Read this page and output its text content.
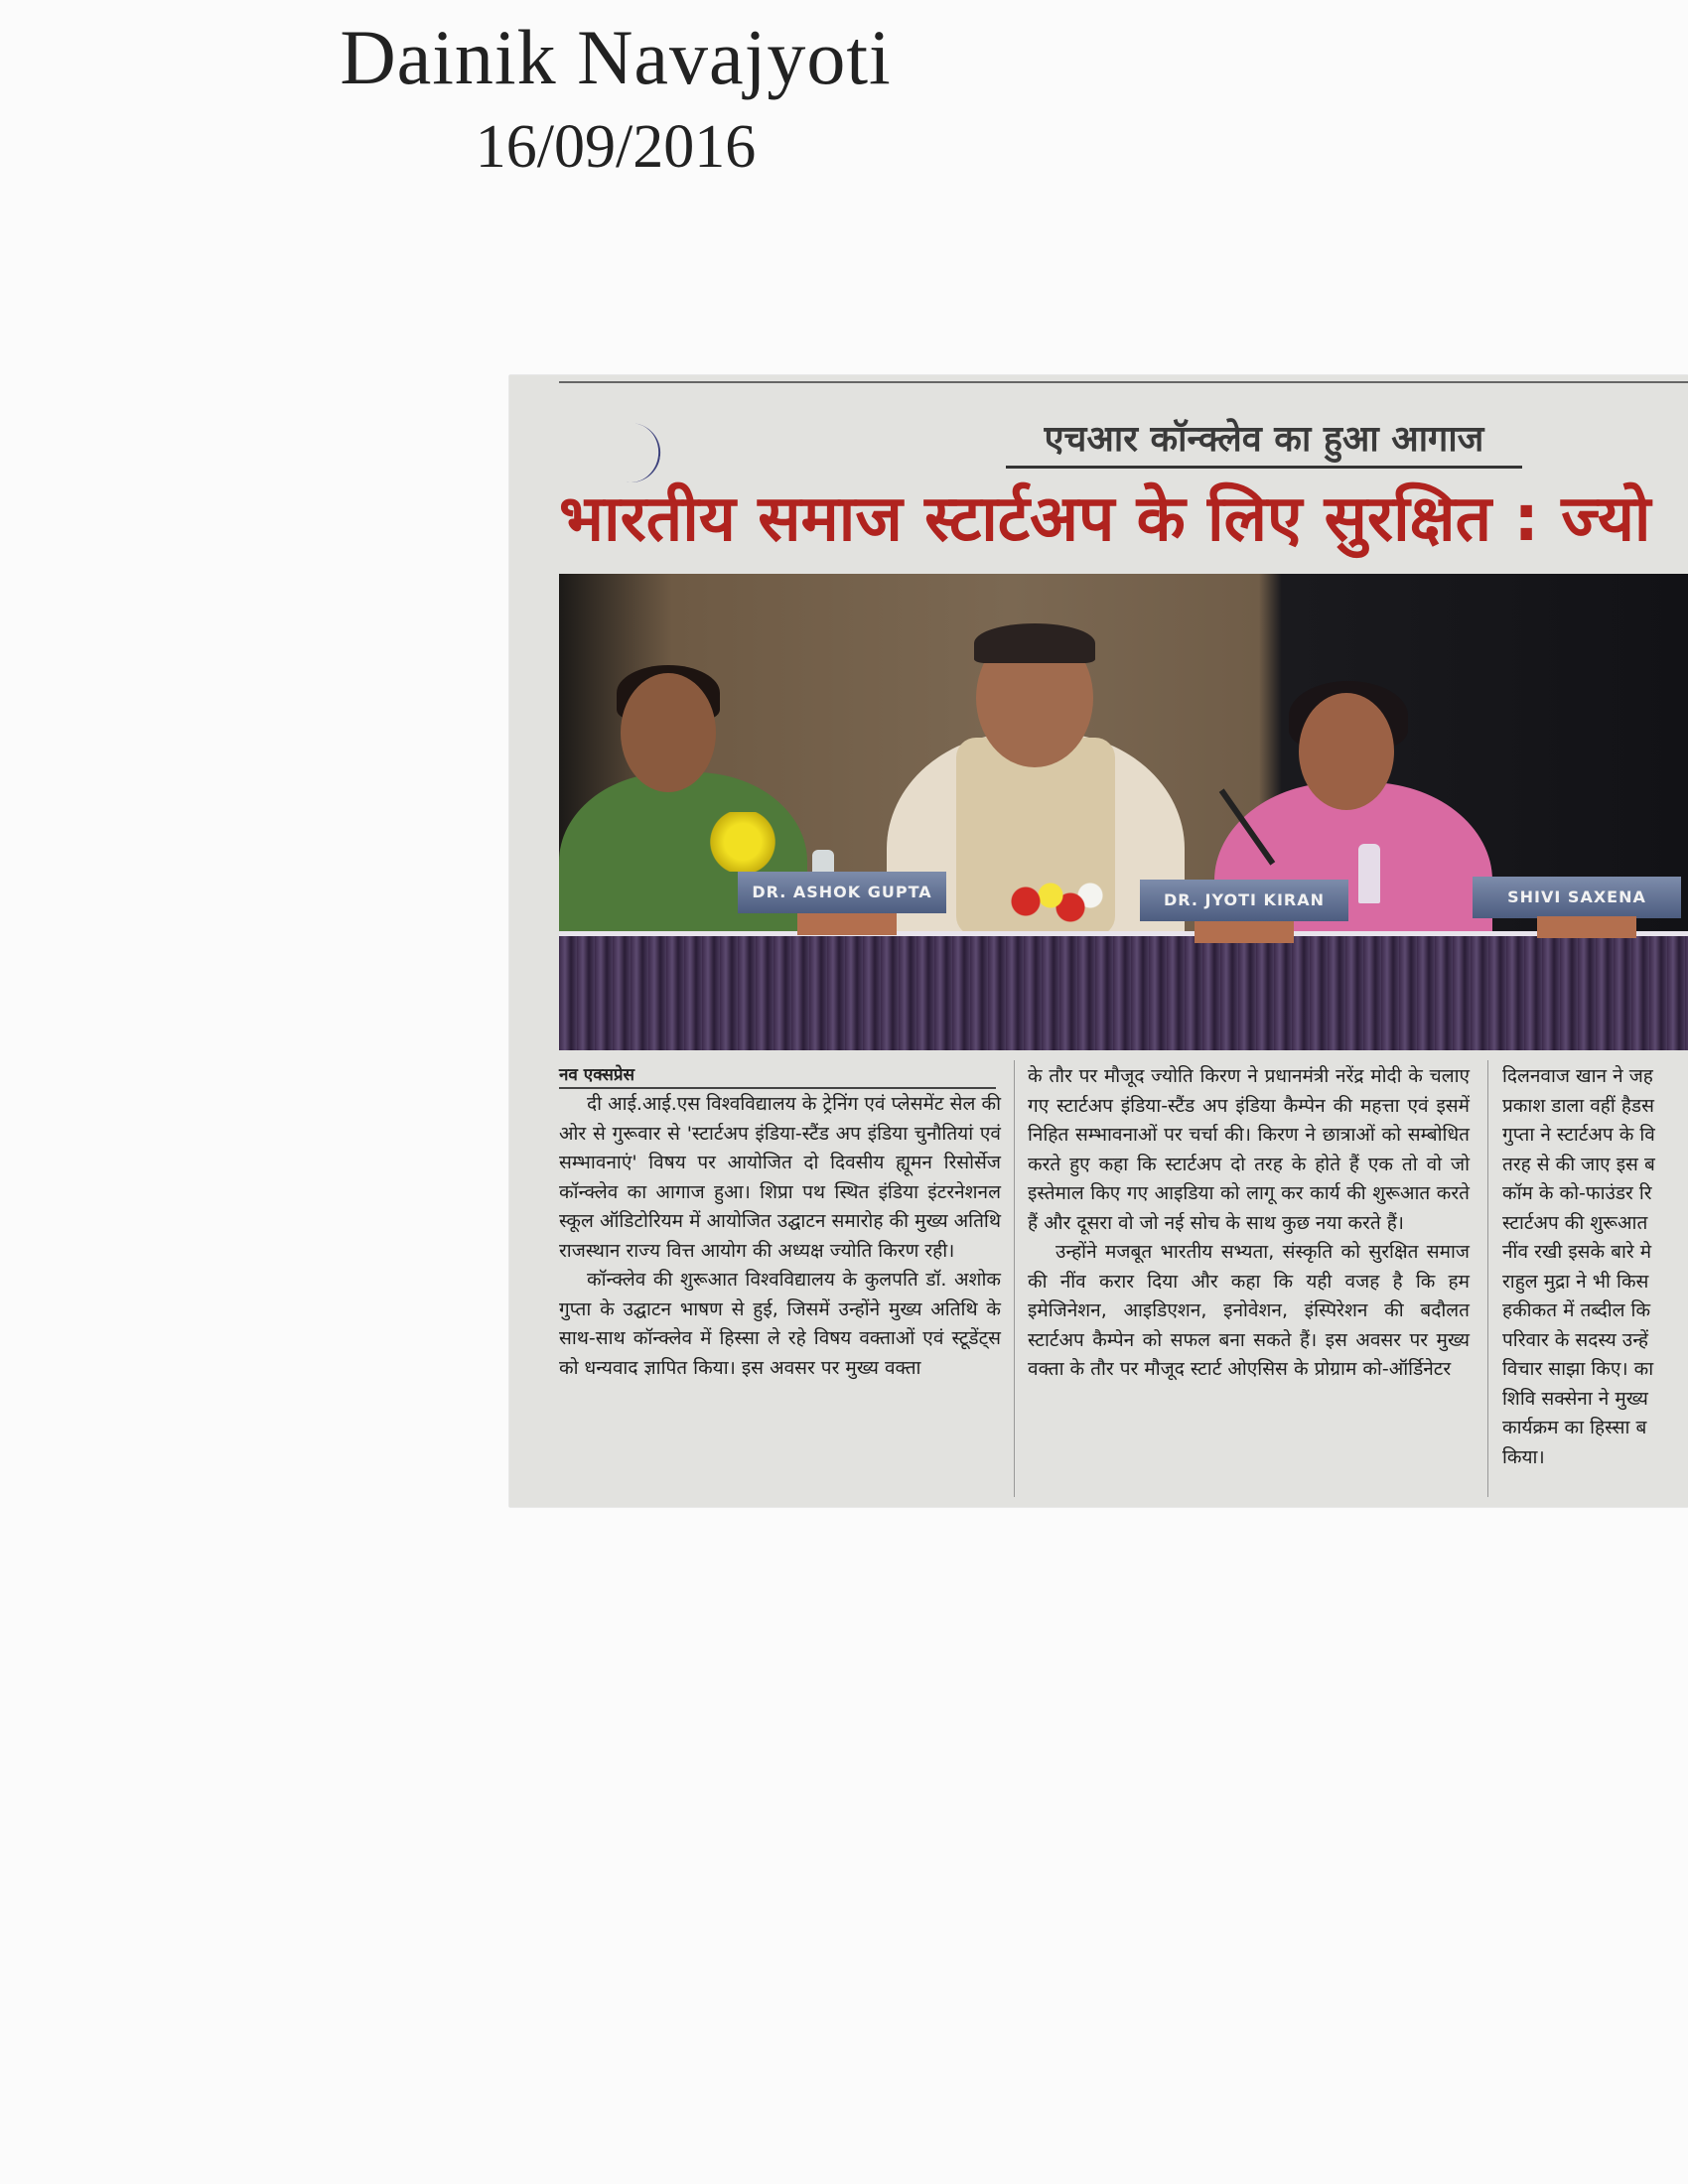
Dainik Navajyoti
16/09/2016
एचआर कॉन्क्लेव का हुआ आगाज
भारतीय समाज स्टार्टअप के लिए सुरक्षित : ज्यो
DR. ASHOK GUPTA	DR. JYOTI KIRAN	SHIVI SAXENA
नव एक्सप्रेस

दी आई.आई.एस विश्वविद्यालय के ट्रेनिंग एवं प्लेसमेंट सेल की ओर से गुरूवार से 'स्टार्टअप इंडिया-स्टैंड अप इंडिया चुनौतियां एवं सम्भावनाएं' विषय पर आयोजित दो दिवसीय ह्यूमन रिसोर्सेज कॉन्क्लेव का आगाज हुआ। शिप्रा पथ स्थित इंडिया इंटरनेशनल स्कूल ऑडिटोरियम में आयोजित उद्घाटन समारोह की मुख्य अतिथि राजस्थान राज्य वित्त आयोग की अध्यक्ष ज्योति किरण रही।

कॉन्क्लेव की शुरूआत विश्वविद्यालय के कुलपति डॉ. अशोक गुप्ता के उद्घाटन भाषण से हुई, जिसमें उन्होंने मुख्य अतिथि के साथ-साथ कॉन्क्लेव में हिस्सा ले रहे विषय वक्ताओं एवं स्टूडेंट्स को धन्यवाद ज्ञापित किया। इस अवसर पर मुख्य वक्ता

के तौर पर मौजूद ज्योति किरण ने प्रधानमंत्री नरेंद्र मोदी के चलाए गए स्टार्टअप इंडिया-स्टैंड अप इंडिया कैम्पेन की महत्ता एवं इसमें निहित सम्भावनाओं पर चर्चा की। किरण ने छात्राओं को सम्बोधित करते हुए कहा कि स्टार्टअप दो तरह के होते हैं एक तो वो जो इस्तेमाल किए गए आइडिया को लागू कर कार्य की शुरूआत करते हैं और दूसरा वो जो नई सोच के साथ कुछ नया करते हैं।

उन्होंने मजबूत भारतीय सभ्यता, संस्कृति को सुरक्षित समाज की नींव करार दिया और कहा कि यही वजह है कि हम इमेजिनेशन, आइडिएशन, इनोवेशन, इंस्पिरेशन की बदौलत स्टार्टअप कैम्पेन को सफल बना सकते हैं। इस अवसर पर मुख्य वक्ता के तौर पर मौजूद स्टार्ट ओएसिस के प्रोग्राम को-ऑर्डिनेटर

दिलनवाज खान ने जह

प्रकाश डाला वहीं हैडस

गुप्ता ने स्टार्टअप के वि

तरह से की जाए इस ब

कॉम के को-फाउंडर रि

स्टार्टअप की शुरूआत

नींव रखी इसके बारे मे

राहुल मुद्रा ने भी किस

हकीकत में तब्दील कि

परिवार के सदस्य उन्हें

विचार साझा किए। का

शिवि सक्सेना ने मुख्य

कार्यक्रम का हिस्सा ब

किया।
